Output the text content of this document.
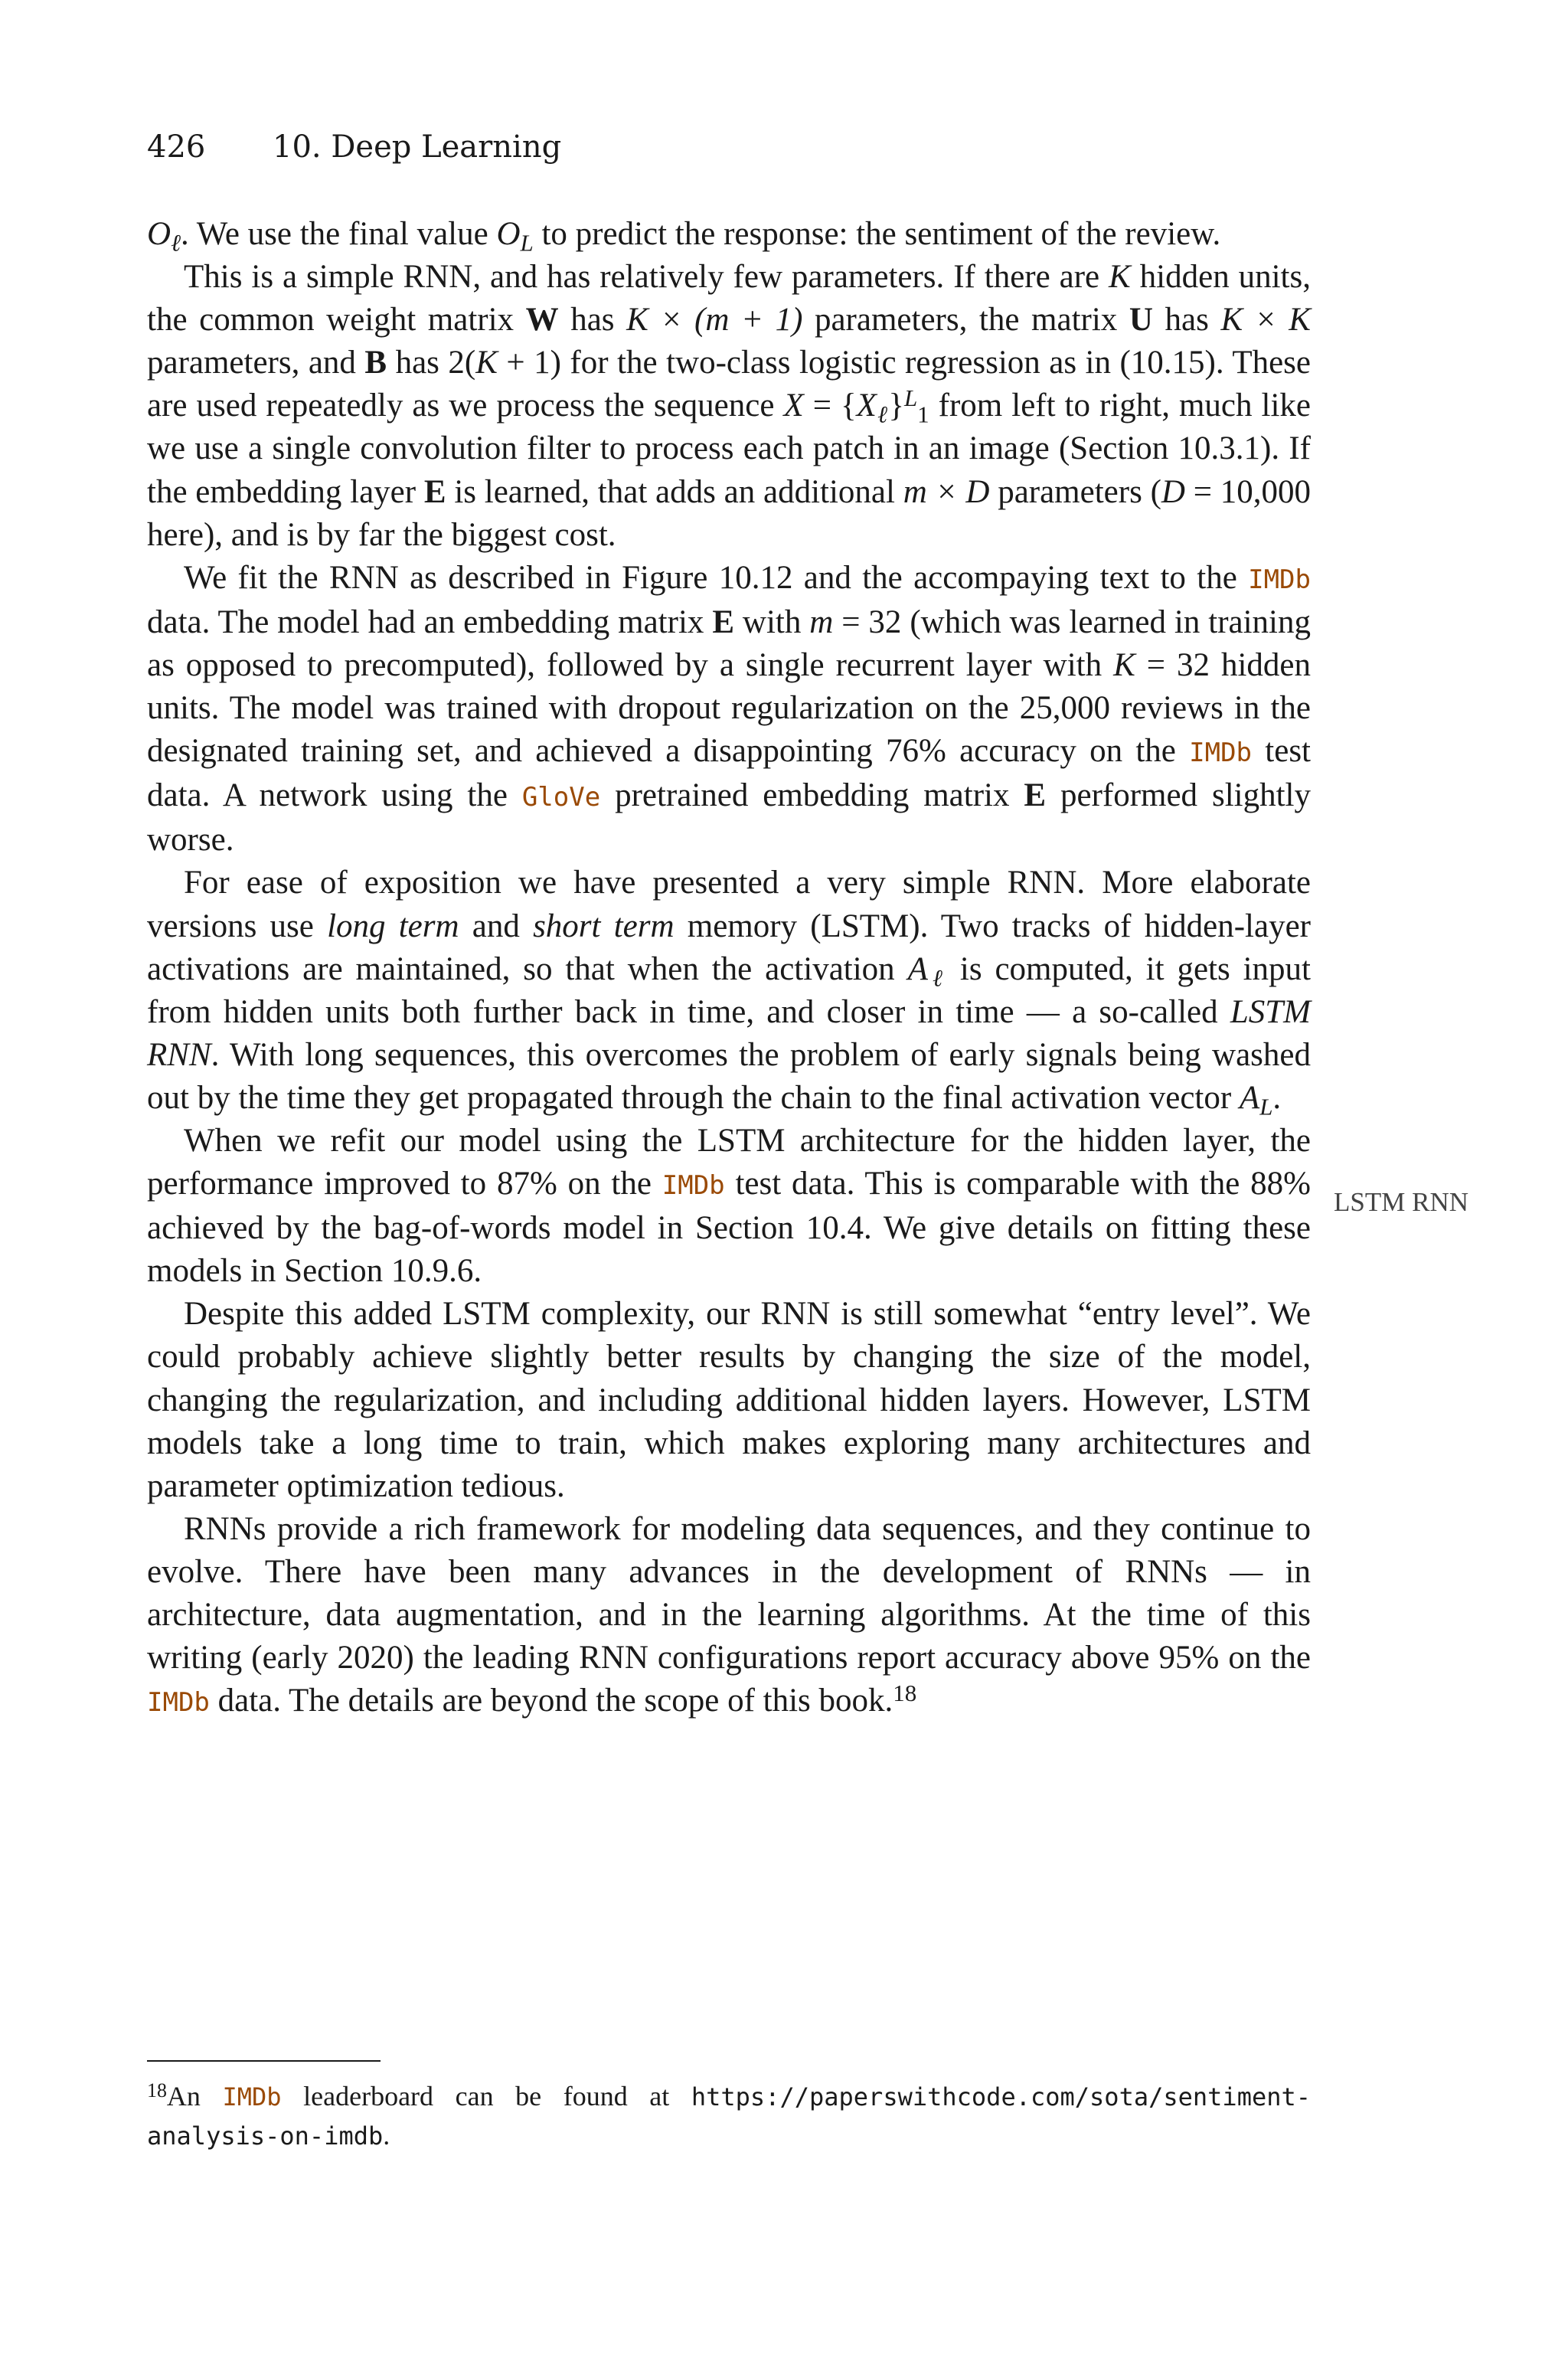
426 10. Deep Learning

$O_\ell$. We use the final value $O_L$ to predict the response: the sentiment of the review.

This is a simple RNN, and has relatively few parameters. If there are K hidden units, the common weight matrix W has K × (m + 1) parameters, the matrix U has K × K parameters, and B has 2(K + 1) for the two-class logistic regression as in (10.15). These are used repeatedly as we process the sequence $X = \{X_\ell\}^L_1$ from left to right, much like we use a single convolution filter to process each patch in an image (Section 10.3.1). If the embedding layer E is learned, that adds an additional m × D parameters (D = 10,000 here), and is by far the biggest cost.

We fit the RNN as described in Figure 10.12 and the accompaying text to the IMDb data. The model had an embedding matrix E with m = 32 (which was learned in training as opposed to precomputed), followed by a single recurrent layer with K = 32 hidden units. The model was trained with dropout regularization on the 25,000 reviews in the designated training set, and achieved a disappointing 76% accuracy on the IMDb test data. A network using the GloVe pretrained embedding matrix E performed slightly worse.

For ease of exposition we have presented a very simple RNN. More elaborate versions use long term and short term memory (LSTM). Two tracks of hidden-layer activations are maintained, so that when the activation $A_\ell$ is computed, it gets input from hidden units both further back in time, and closer in time — a so-called LSTM RNN. With long sequences, this overcomes the problem of early signals being washed out by the time they get propagated through the chain to the final activation vector $A_L$.

When we refit our model using the LSTM architecture for the hidden layer, the performance improved to 87% on the IMDb test data. This is comparable with the 88% achieved by the bag-of-words model in Section 10.4. We give details on fitting these models in Section 10.9.6.

Despite this added LSTM complexity, our RNN is still somewhat “entry level”. We could probably achieve slightly better results by changing the size of the model, changing the regularization, and including additional hidden layers. However, LSTM models take a long time to train, which makes exploring many architectures and parameter optimization tedious.

RNNs provide a rich framework for modeling data sequences, and they continue to evolve. There have been many advances in the development of RNNs — in architecture, data augmentation, and in the learning algorithms. At the time of this writing (early 2020) the leading RNN configurations report accuracy above 95% on the IMDb data. The details are beyond the scope of this book.$^{18}$

LSTM RNN
$^{18}$An IMDb leaderboard can be found at https://paperswithcode.com/sota/​sentiment-analysis-on-imdb.
